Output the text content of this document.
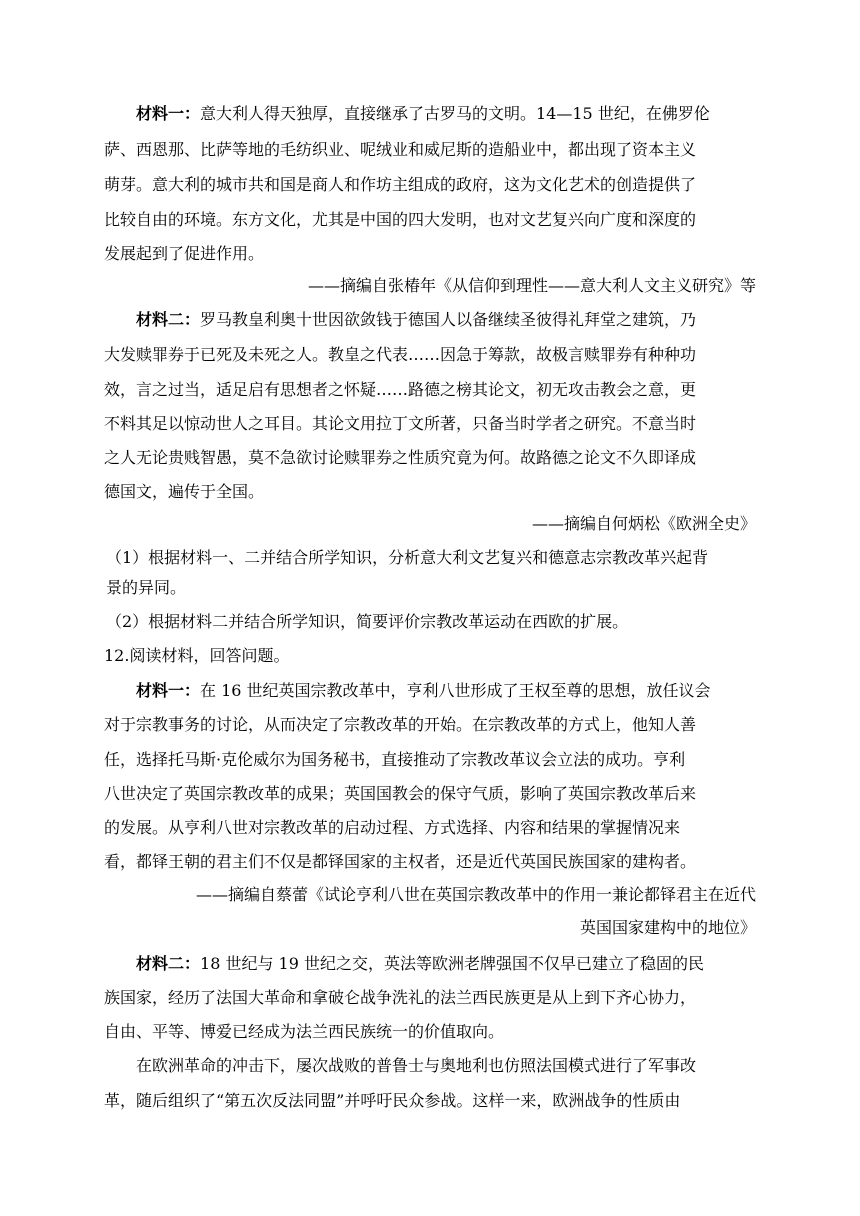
材料一：意大利人得天独厚，直接继承了古罗马的文明。14—15 世纪，在佛罗伦
萨、西恩那、比萨等地的毛纺织业、呢绒业和威尼斯的造船业中，都出现了资本主义
萌芽。意大利的城市共和国是商人和作坊主组成的政府，这为文化艺术的创造提供了
比较自由的环境。东方文化，尤其是中国的四大发明，也对文艺复兴向广度和深度的
发展起到了促进作用。
——摘编自张椿年《从信仰到理性——意大利人文主义研究》等
材料二：罗马教皇利奥十世因欲敛钱于德国人以备继续圣彼得礼拜堂之建筑，乃
大发赎罪券于已死及未死之人。教皇之代表……因急于筹款，故极言赎罪券有种种功
效，言之过当，适足启有思想者之怀疑……路德之榜其论文，初无攻击教会之意，更
不料其足以惊动世人之耳目。其论文用拉丁文所著，只备当时学者之研究。不意当时
之人无论贵贱智愚，莫不急欲讨论赎罪券之性质究竟为何。故路德之论文不久即译成
德国文，遍传于全国。
——摘编自何炳松《欧洲全史》
（1）根据材料一、二并结合所学知识，分析意大利文艺复兴和德意志宗教改革兴起背
景的异同。
（2）根据材料二并结合所学知识，简要评价宗教改革运动在西欧的扩展。
12.阅读材料，回答问题。
材料一：在 16 世纪英国宗教改革中，亨利八世形成了王权至尊的思想，放任议会
对于宗教事务的讨论，从而决定了宗教改革的开始。在宗教改革的方式上，他知人善
任，选择托马斯·克伦威尔为国务秘书，直接推动了宗教改革议会立法的成功。亨利
八世决定了英国宗教改革的成果；英国国教会的保守气质，影响了英国宗教改革后来
的发展。从亨利八世对宗教改革的启动过程、方式选择、内容和结果的掌握情况来
看，都铎王朝的君主们不仅是都铎国家的主权者，还是近代英国民族国家的建构者。
——摘编自蔡蕾《试论亨利八世在英国宗教改革中的作用一兼论都铎君主在近代
英国国家建构中的地位》
材料二：18 世纪与 19 世纪之交，英法等欧洲老牌强国不仅早已建立了稳固的民
族国家，经历了法国大革命和拿破仑战争洗礼的法兰西民族更是从上到下齐心协力，
自由、平等、博爱已经成为法兰西民族统一的价值取向。
在欧洲革命的冲击下，屡次战败的普鲁士与奥地利也仿照法国模式进行了军事改
革，随后组织了“第五次反法同盟”并呼吁民众参战。这样一来，欧洲战争的性质由
